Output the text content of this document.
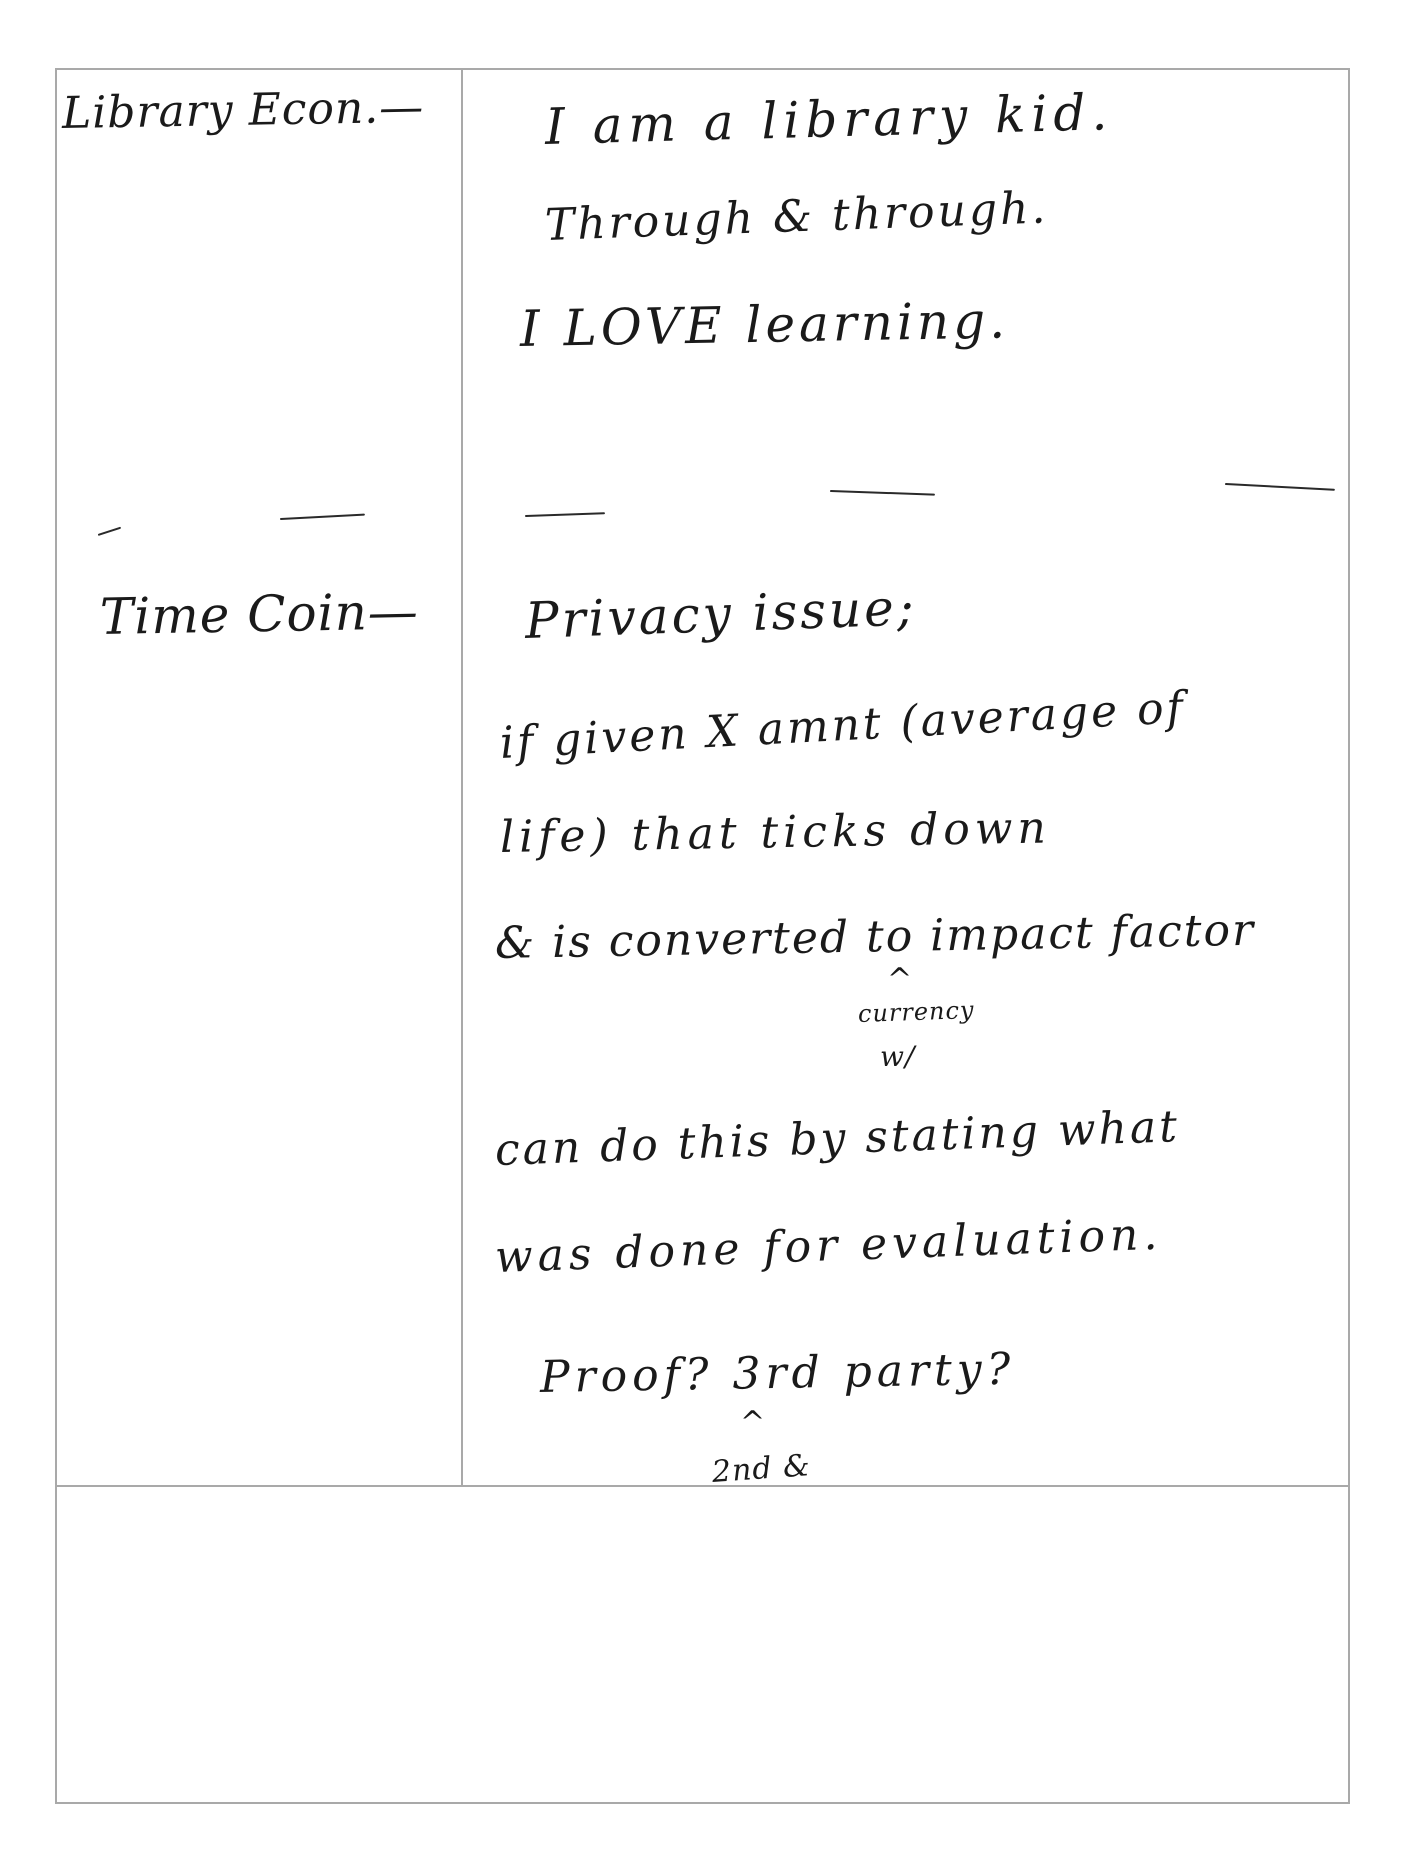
Library Econ.—
Time Coin—
I am a library kid.
Through & through.
I LOVE learning.
Privacy issue;
if given X amnt (average of
life) that ticks down
& is converted to impact factor
^
currency
w/
can do this by stating what
was done for evaluation.
Proof? 3rd party?
^
2nd &
